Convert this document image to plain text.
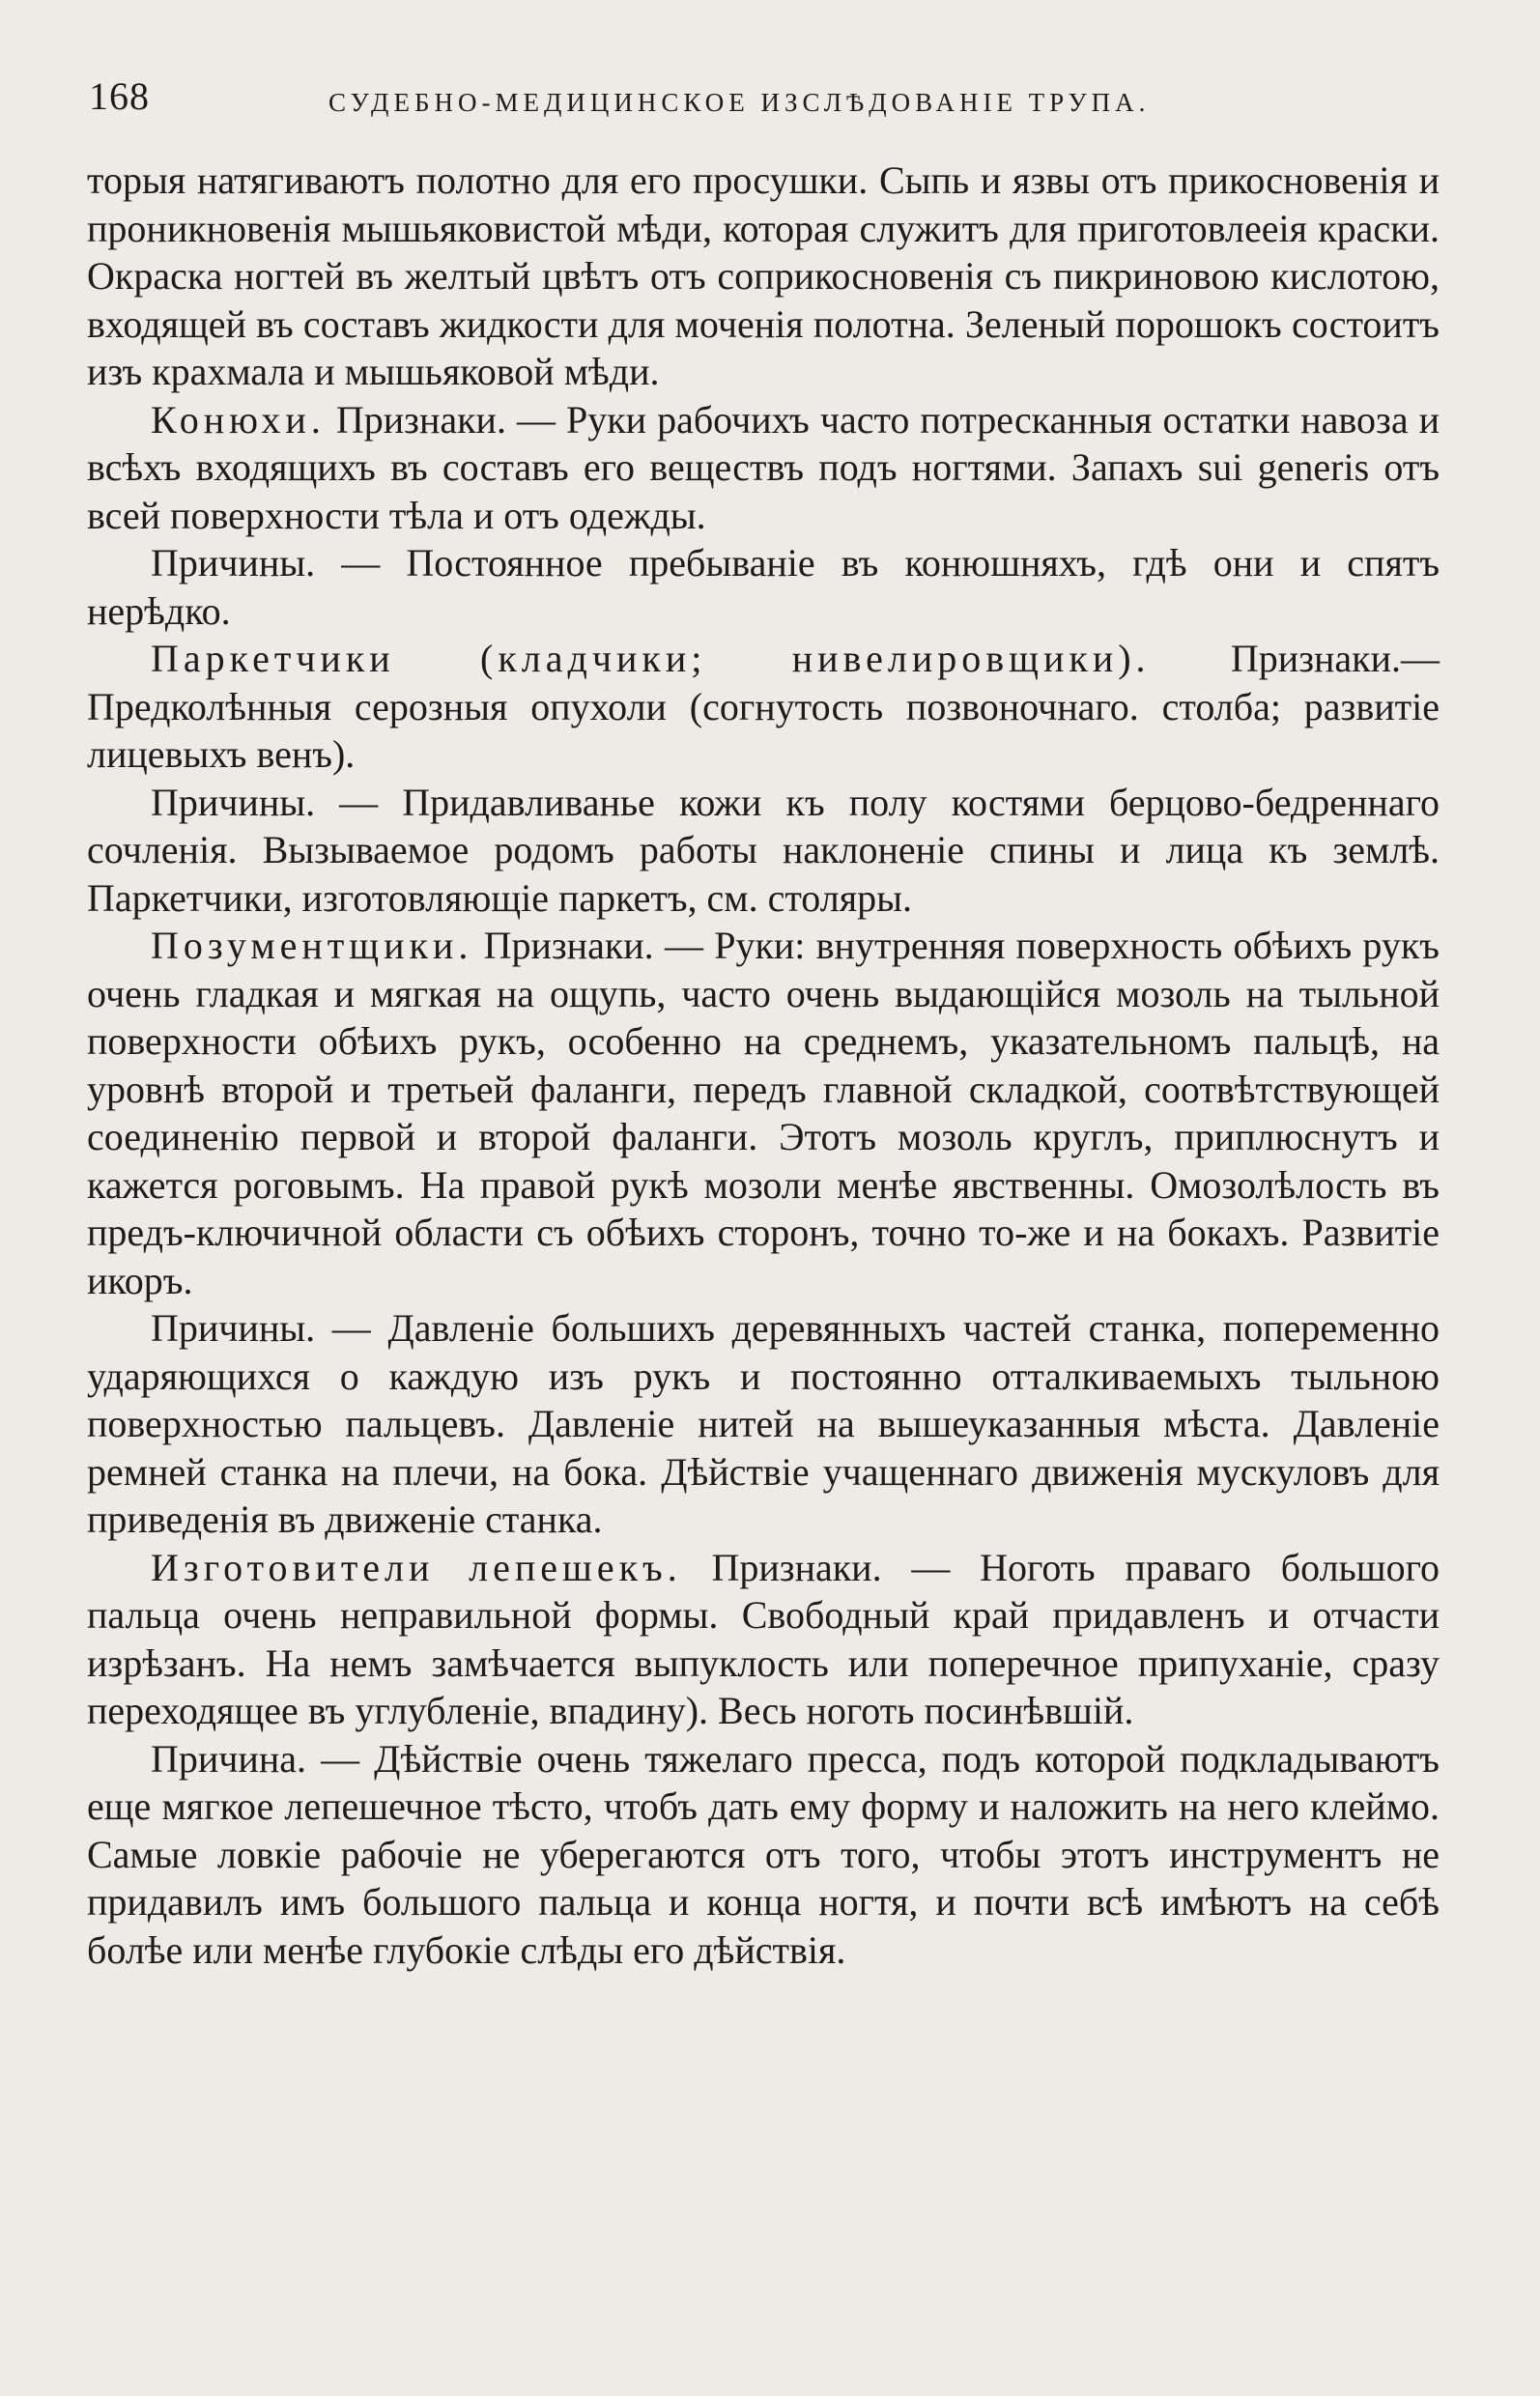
168	СУДЕБНО-МЕДИЦИНСКОЕ ИЗСЛѢДОВАНІЕ ТРУПА.

торыя натягиваютъ полотно для его просушки. Сыпь и язвы отъ прикосновенія и проникновенія мышьяковистой мѣди, которая служитъ для приготовлееія краски. Окраска ногтей въ желтый цвѣтъ отъ соприкосновенія съ пикриновою кислотою, входящей въ составъ жидкости для моченія полотна. Зеленый порошокъ состоитъ изъ крахмала и мышьяковой мѣди.

Конюхи. Признаки. — Руки рабочихъ часто потресканныя остатки навоза и всѣхъ входящихъ въ составъ его веществъ подъ ногтями. Запахъ sui generis отъ всей поверхности тѣла и отъ одежды.

Причины. — Постоянное пребываніе въ конюшняхъ, гдѣ они и спятъ нерѣдко.

Паркетчики (кладчики; нивелировщики). Признаки.— Предколѣнныя серозныя опухоли (согнутость позвоночнаго. столба; развитіе лицевыхъ венъ).

Причины. — Придавливанье кожи къ полу костями берцово-бедреннаго сочленія. Вызываемое родомъ работы наклоненіе спины и лица къ землѣ. Паркетчики, изготовляющіе паркетъ, см. столяры.

Позументщики. Признаки. — Руки: внутренняя поверхность обѣихъ рукъ очень гладкая и мягкая на ощупь, часто очень выдающійся мозоль на тыльной поверхности обѣихъ рукъ, особенно на среднемъ, указательномъ пальцѣ, на уровнѣ второй и третьей фаланги, передъ главной складкой, соотвѣтствующей соединенію первой и второй фаланги. Этотъ мозоль круглъ, приплюснутъ и кажется роговымъ. На правой рукѣ мозоли менѣе явственны. Омозолѣлость въ предъ-ключичной области съ обѣихъ сторонъ, точно то-же и на бокахъ. Развитіе икоръ.

Причины. — Давленіе большихъ деревянныхъ частей станка, попеременно ударяющихся о каждую изъ рукъ и постоянно отталкиваемыхъ тыльною поверхностью пальцевъ. Давленіе нитей на вышеуказанныя мѣста. Давленіе ремней станка на плечи, на бока. Дѣйствіе учащеннаго движенія мускуловъ для приведенія въ движеніе станка.

Изготовители лепешекъ. Признаки. — Ноготь праваго большого пальца очень неправильной формы. Свободный край придавленъ и отчасти изрѣзанъ. На немъ замѣчается выпуклость или поперечное припуханіе, сразу переходящее въ углубленіе, впадину). Весь ноготь посинѣвшій.

Причина. — Дѣйствіе очень тяжелаго пресса, подъ которой подкладываютъ еще мягкое лепешечное тѣсто, чтобъ дать ему форму и наложить на него клеймо. Самые ловкіе рабочіе не уберегаются отъ того, чтобы этотъ инструментъ не придавилъ имъ большого пальца и конца ногтя, и почти всѣ имѣютъ на себѣ болѣе или менѣе глубокіе слѣды его дѣйствія.
